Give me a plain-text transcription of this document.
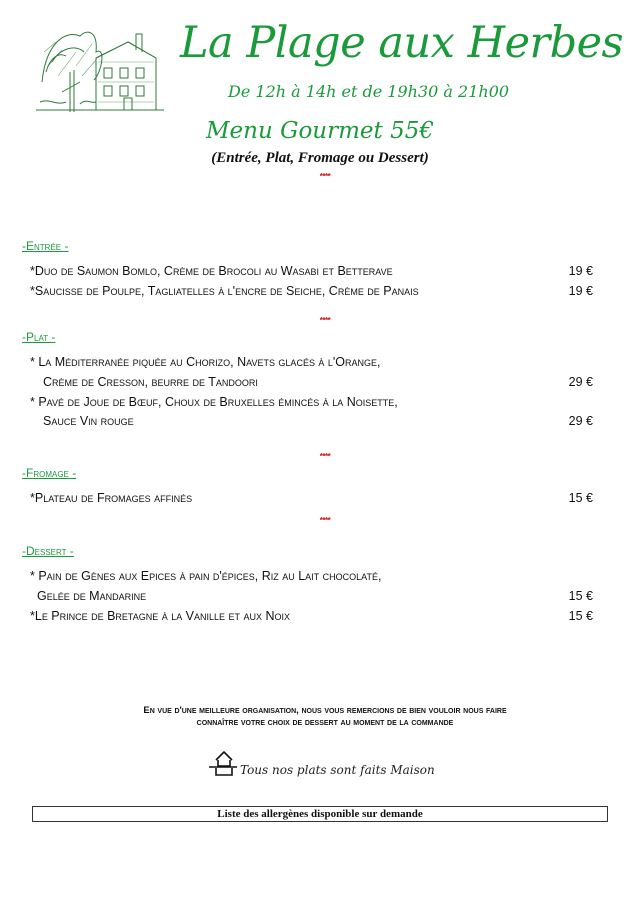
La Plage aux Herbes
De 12h à 14h et de 19h30 à 21h00
Menu Gourmet 55€
(Entrée, Plat, Fromage ou Dessert)
****
-Entrée -
*Duo de Saumon Bomlo, Crème de Brocoli au Wasabi et Betterave	19 €
*Saucisse de Poulpe, Tagliatelles à l'encre de Seiche, Crème de Panais	19 €
****
-Plat -
* La Méditerranée piquée au Chorizo, Navets glacés à l'Orange,
Crème de Cresson, beurre de Tandoori	29 €
* Pavé de Joue de Bœuf, Choux de Bruxelles émincés à la Noisette,
Sauce Vin rouge	29 €
****
-Fromage -
*Plateau de Fromages affinés	15 €
****
-Dessert -
* Pain de Gènes aux Epices à pain d'épices, Riz au Lait chocolaté,
Gelée de Mandarine	15 €
*Le Prince de Bretagne à la Vanille et aux Noix	15 €
En vue d'une meilleure organisation, nous vous remercions de bien vouloir nous faire connaître votre choix de dessert au moment de la commande
Tous nos plats sont faits Maison
Liste des allergènes disponible sur demande
